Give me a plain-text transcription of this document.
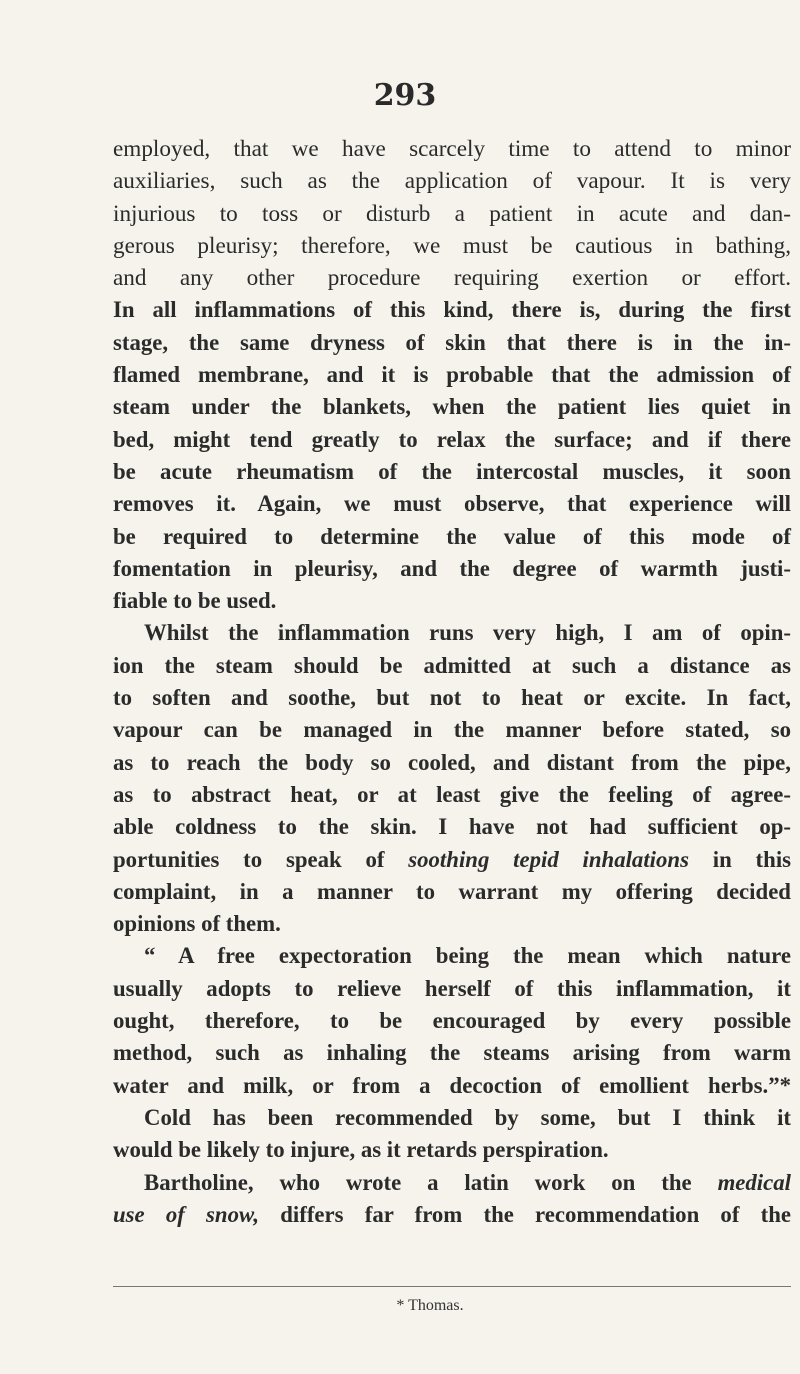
293
employed, that we have scarcely time to attend to minor
auxiliaries, such as the application of vapour. It is very
injurious to toss or disturb a patient in acute and dan-
gerous pleurisy; therefore, we must be cautious in bathing,
and any other procedure requiring exertion or effort.
In all inflammations of this kind, there is, during the first
stage, the same dryness of skin that there is in the in-
flamed membrane, and it is probable that the admission of
steam under the blankets, when the patient lies quiet in
bed, might tend greatly to relax the surface; and if there
be acute rheumatism of the intercostal muscles, it soon
removes it. Again, we must observe, that experience will
be required to determine the value of this mode of
fomentation in pleurisy, and the degree of warmth justi-
fiable to be used.
Whilst the inflammation runs very high, I am of opin-
ion the steam should be admitted at such a distance as
to soften and soothe, but not to heat or excite. In fact,
vapour can be managed in the manner before stated, so
as to reach the body so cooled, and distant from the pipe,
as to abstract heat, or at least give the feeling of agree-
able coldness to the skin. I have not had sufficient op-
portunities to speak of soothing tepid inhalations in this
complaint, in a manner to warrant my offering decided
opinions of them.
“ A free expectoration being the mean which nature
usually adopts to relieve herself of this inflammation, it
ought, therefore, to be encouraged by every possible
method, such as inhaling the steams arising from warm
water and milk, or from a decoction of emollient herbs.”*
Cold has been recommended by some, but I think it
would be likely to injure, as it retards perspiration.
Bartholine, who wrote a latin work on the medical
use of snow, differs far from the recommendation of the
* Thomas.
